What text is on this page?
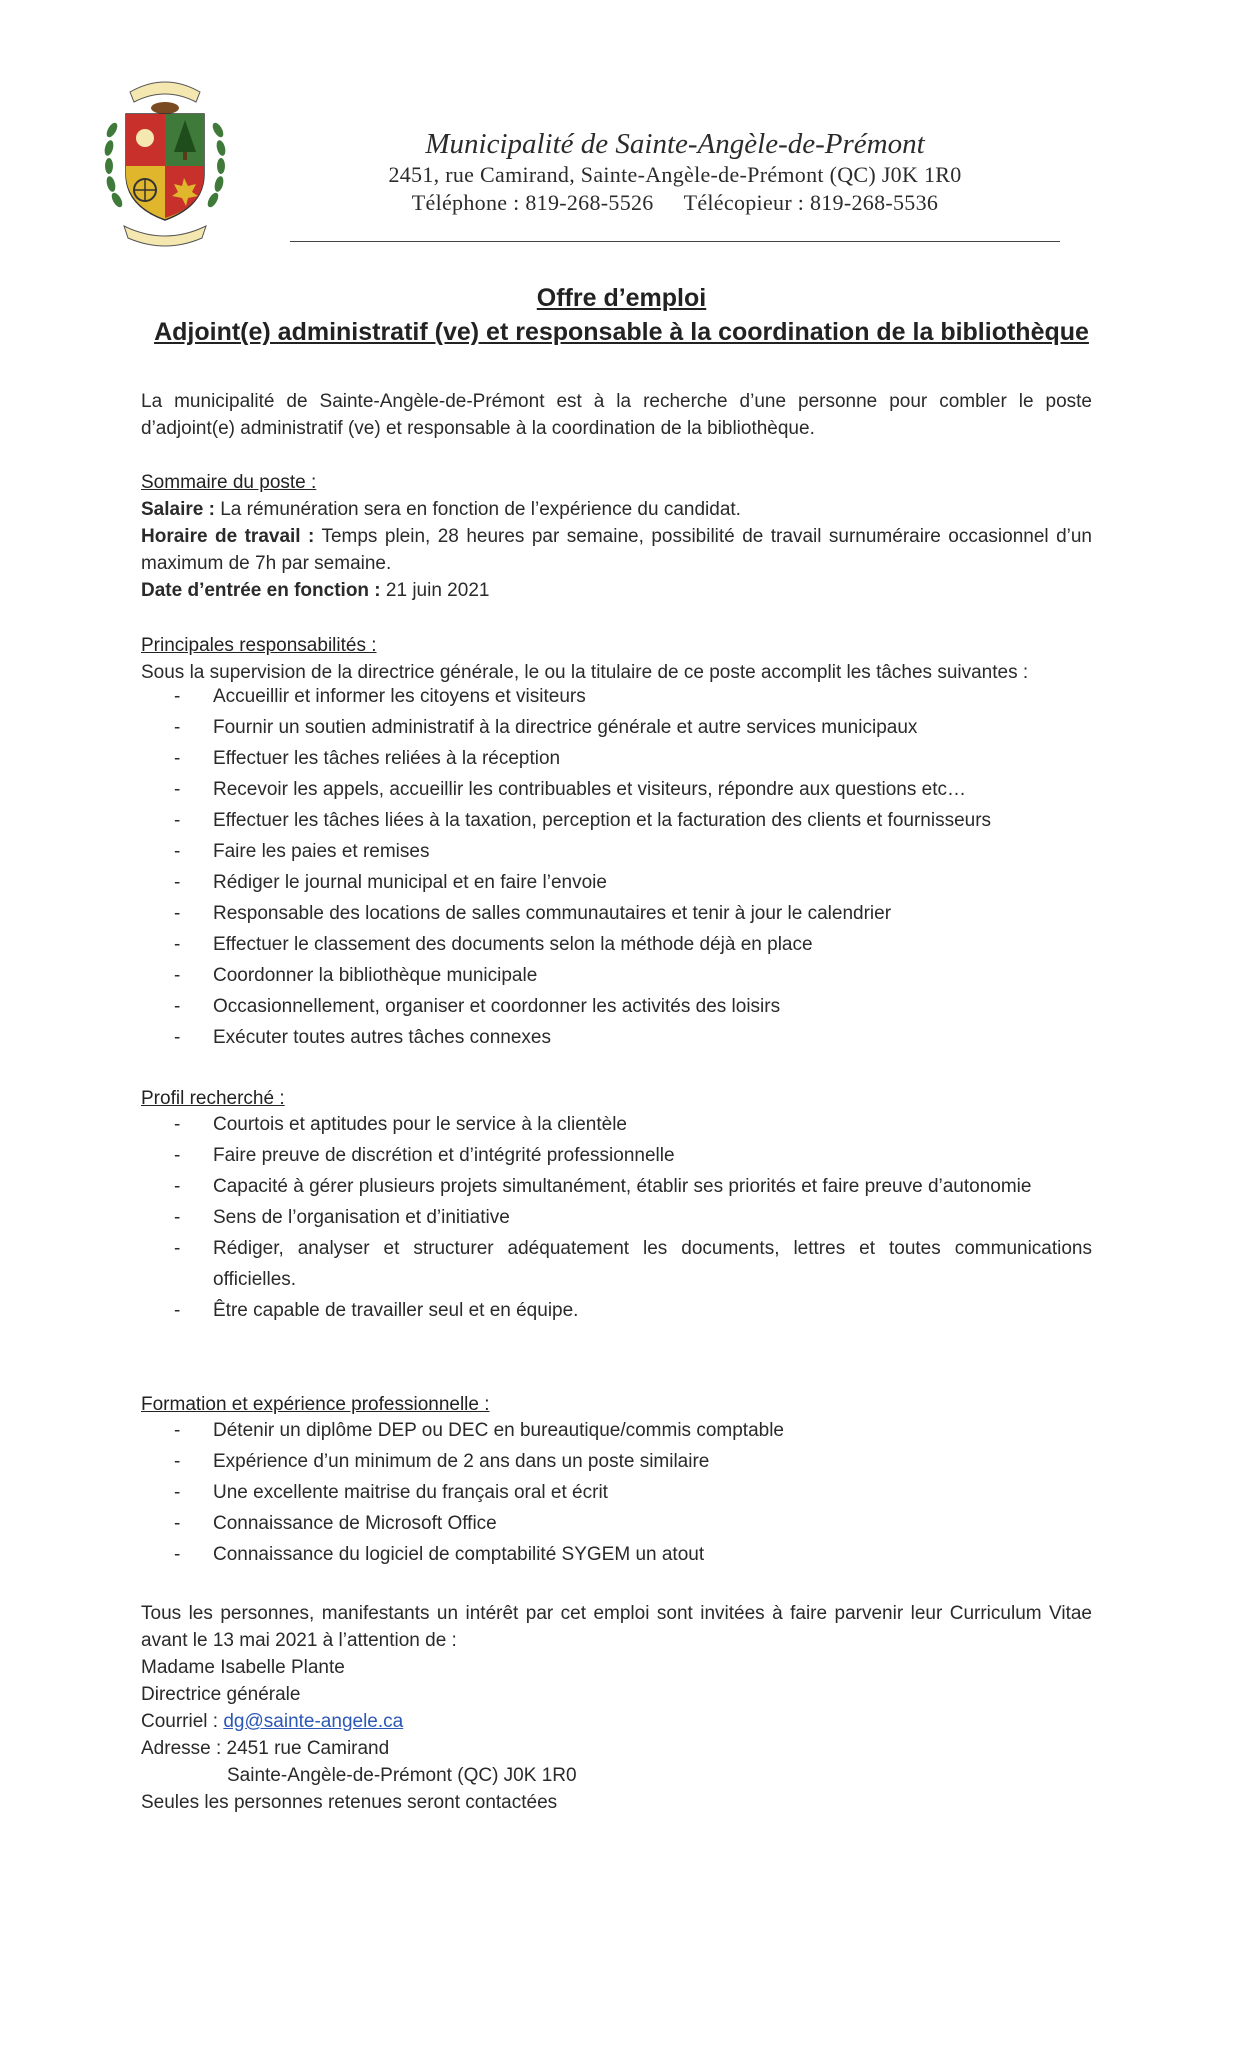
Municipalité de Sainte-Angèle-de-Prémont
2451, rue Camirand, Sainte-Angèle-de-Prémont (QC) J0K 1R0
Téléphone : 819-268-5526 Télécopieur : 819-268-5536
Offre d’emploi
Adjoint(e) administratif (ve) et responsable à la coordination de la bibliothèque
La municipalité de Sainte-Angèle-de-Prémont est à la recherche d’une personne pour combler le poste d’adjoint(e) administratif (ve) et responsable à la coordination de la bibliothèque.
Sommaire du poste :
Salaire : La rémunération sera en fonction de l’expérience du candidat.
Horaire de travail : Temps plein, 28 heures par semaine, possibilité de travail surnuméraire occasionnel d’un maximum de 7h par semaine.
Date d’entrée en fonction : 21 juin 2021
Principales responsabilités :
Sous la supervision de la directrice générale, le ou la titulaire de ce poste accomplit les tâches suivantes :
- Accueillir et informer les citoyens et visiteurs
- Fournir un soutien administratif à la directrice générale et autre services municipaux
- Effectuer les tâches reliées à la réception
- Recevoir les appels, accueillir les contribuables et visiteurs, répondre aux questions etc…
- Effectuer les tâches liées à la taxation, perception et la facturation des clients et fournisseurs
- Faire les paies et remises
- Rédiger le journal municipal et en faire l’envoie
- Responsable des locations de salles communautaires et tenir à jour le calendrier
- Effectuer le classement des documents selon la méthode déjà en place
- Coordonner la bibliothèque municipale
- Occasionnellement, organiser et coordonner les activités des loisirs
- Exécuter toutes autres tâches connexes
Profil recherché :
- Courtois et aptitudes pour le service à la clientèle
- Faire preuve de discrétion et d’intégrité professionnelle
- Capacité à gérer plusieurs projets simultanément, établir ses priorités et faire preuve d’autonomie
- Sens de l’organisation et d’initiative
- Rédiger, analyser et structurer adéquatement les documents, lettres et toutes communications officielles.
- Être capable de travailler seul et en équipe.
Formation et expérience professionnelle :
- Détenir un diplôme DEP ou DEC en bureautique/commis comptable
- Expérience d’un minimum de 2 ans dans un poste similaire
- Une excellente maitrise du français oral et écrit
- Connaissance de Microsoft Office
- Connaissance du logiciel de comptabilité SYGEM un atout
Tous les personnes, manifestants un intérêt par cet emploi sont invitées à faire parvenir leur Curriculum Vitae avant le 13 mai 2021 à l’attention de :
Madame Isabelle Plante
Directrice générale
Courriel : dg@sainte-angele.ca
Adresse : 2451 rue Camirand
Sainte-Angèle-de-Prémont (QC) J0K 1R0
Seules les personnes retenues seront contactées
